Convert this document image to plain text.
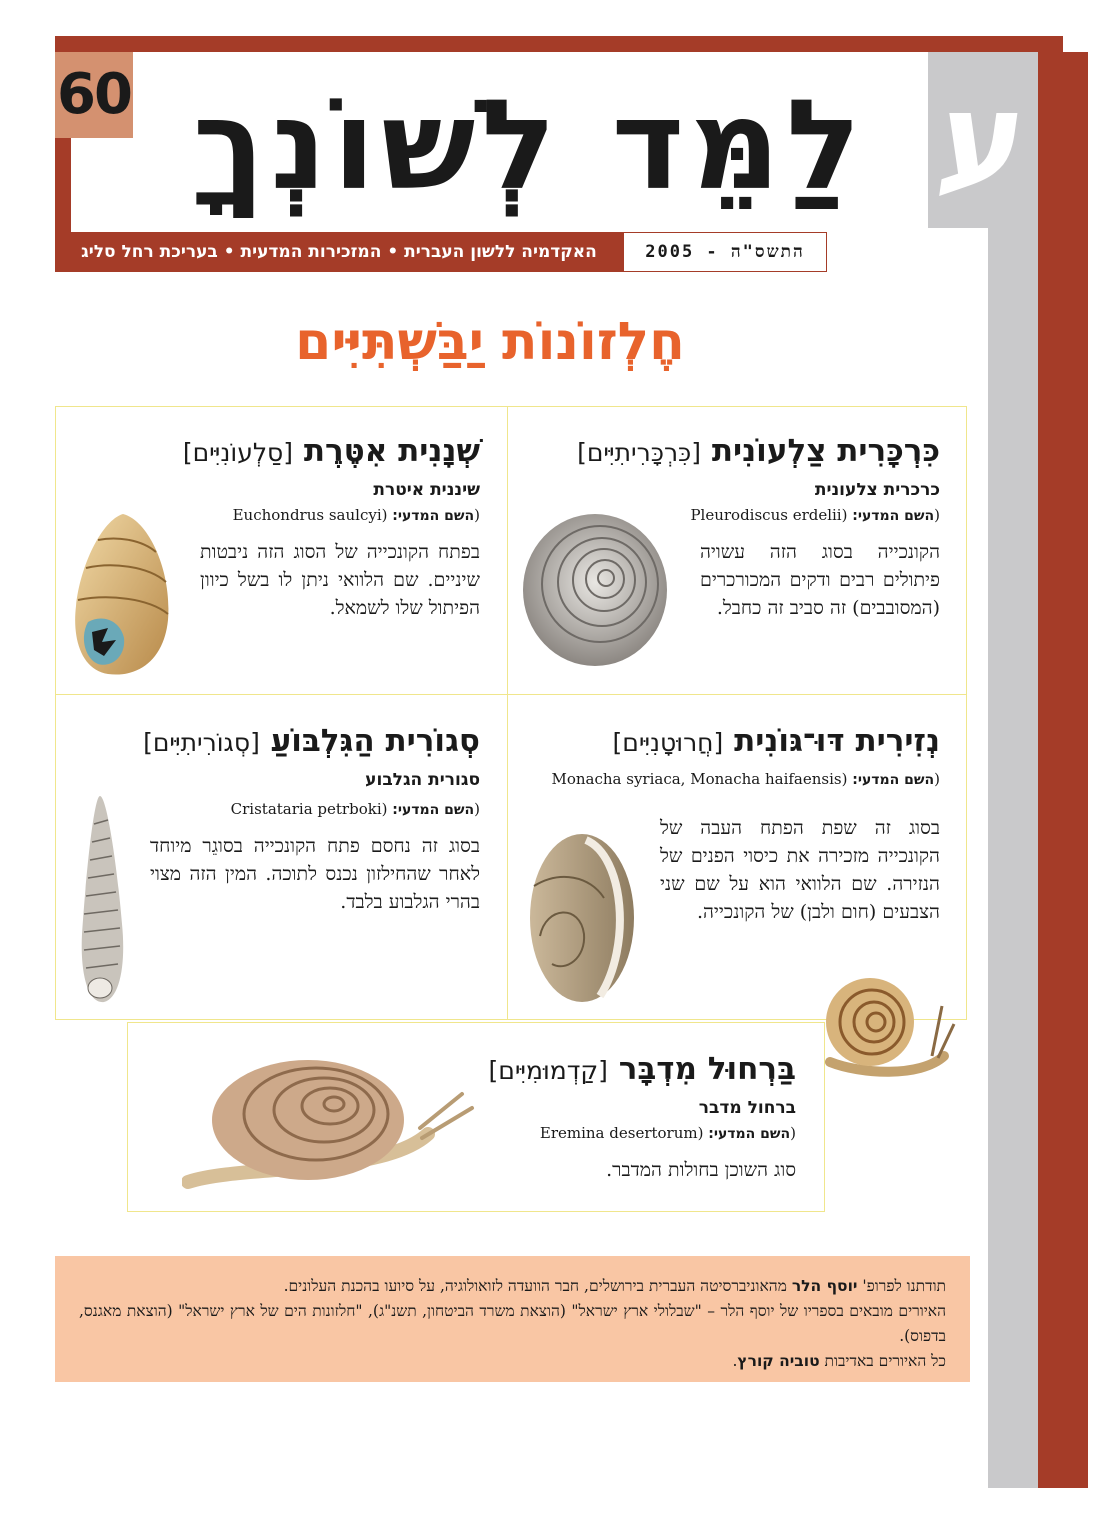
ע
60 לַמֵּד לְשׁוֹנְךָ
האקדמיה ללשון העברית • המזכירות המדעית • בעריכת רחל סליג	התשס"ה - 2005
חֶלְזוֹנוֹת יַבַּשְׁתִּיִּים
כִּרְכָּרִית צַלְעוֹנִית [כִּרְכָּרִיתִיִּים]
כרכרית צלעונית
(השם המדעי: Pleurodiscus erdelii)
הקונכייה בסוג הזה עשויה פיתולים רבים ודקים המכורכרים (המסובבים) זה סביב זה כחבל.
שְׁנָנִית אִטֶּרֶת [סַלְעוֹנִיִּים]
שיננית איטרת
(השם המדעי: Euchondrus saulcyi)
בפתח הקונכייה של הסוג הזה ניבטות שיניים. שם הלוואי ניתן לו בשל כיוון הפיתול שלו לשמאל.
נְזִירִית דּוּ־גּוֹנִית [חֲרוּטָנִיִּים]
(השם המדעי: Monacha syriaca, Monacha haifaensis)
בסוג זה שפת הפתח העבה של הקונכייה מזכירה את כיסוי הפנים של הנזירה. שם הלוואי הוא על שם שני הצבעים (חום ולבן) של הקונכייה.
סְגוֹרִית הַגִּלְבּוֹעַ [סְגוֹרִיתִיִּים]
סגורית הגלבוע
(השם המדעי: Cristataria petrboki)
בסוג זה נחסם פתח הקונכייה בסוגֵר מיוחד לאחר שהחילזון נכנס לתוכה. המין הזה מצוי בהרי הגלבוע בלבד.
בַּרְחוּל מִדְבָּר [קַדְמוּמִיִּים]
ברחול מדבר
(השם המדעי: Eremina desertorum)
סוג השוכן בחולות המדבר.

תודתנו לפרופ' יוסף הלר מהאוניברסיטה העברית בירושלים, חבר הוועדה לזואולוגיה, על סיועו בהכנת העלונים.

האיורים מובאים בספריו של יוסף הלר – "שבלולי ארץ ישראל" (הוצאת משרד הביטחון, תשנ"ג), "חלזונות הים של ארץ ישראל" (הוצאת מאגנס, בדפוס).

כל האיורים באדיבות טוביה קורץ.
